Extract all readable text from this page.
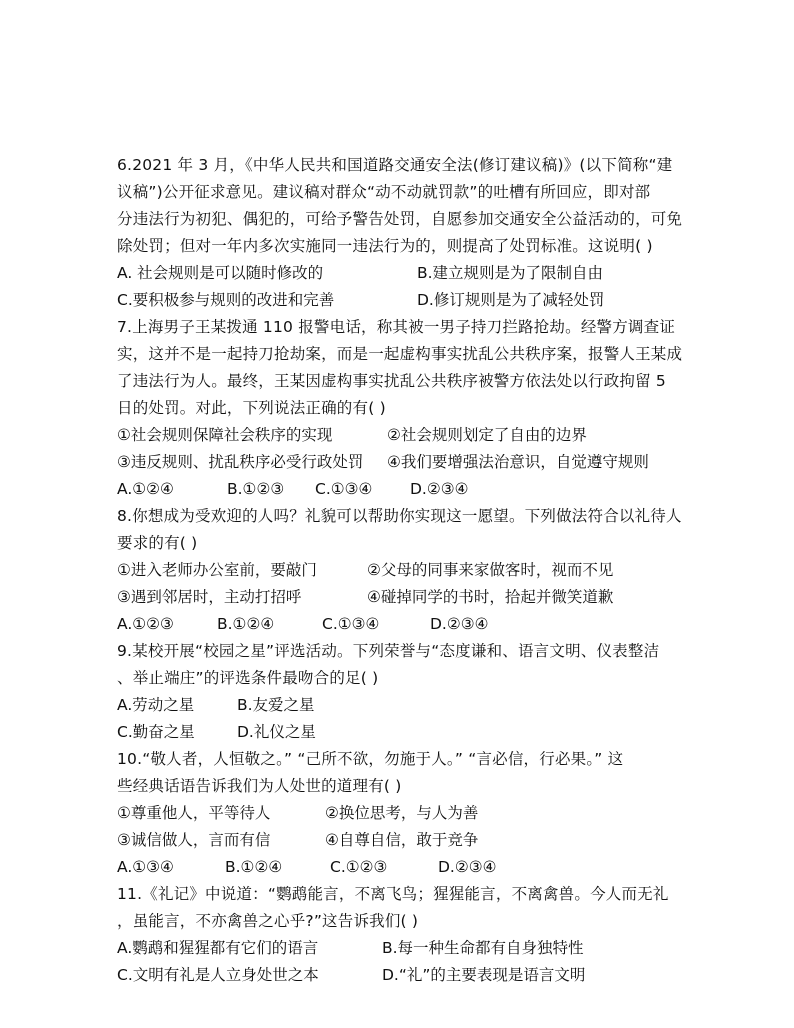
6.2021 年 3 月，《中华人民共和国道路交通安全法(修订建议稿)》(以下简称“建
议稿”)公开征求意见。建议稿对群众“动不动就罚款”的吐槽有所回应，即对部
分违法行为初犯、偶犯的，可给予警告处罚，自愿参加交通安全公益活动的，可免
除处罚；但对一年内多次实施同一违法行为的，则提高了处罚标准。这说明( )
A. 社会规则是可以随时修改的	B.建立规则是为了限制自由
C.要积极参与规则的改进和完善	D.修订规则是为了减轻处罚
7.上海男子王某拨通 110 报警电话，称其被一男子持刀拦路抢劫。经警方调查证
实，这并不是一起持刀抢劫案，而是一起虚构事实扰乱公共秩序案，报警人王某成
了违法行为人。最终，王某因虚构事实扰乱公共秩序被警方依法处以行政拘留 5
日的处罚。对此，下列说法正确的有( )
①社会规则保障社会秩序的实现	②社会规则划定了自由的边界
③违反规则、扰乱秩序必受行政处罚	④我们要增强法治意识，自觉遵守规则
A.①②④	B.①②③	C.①③④	D.②③④
8.你想成为受欢迎的人吗？礼貌可以帮助你实现这一愿望。下列做法符合以礼待人
要求的有( )
①进入老师办公室前，要敲门	②父母的同事来家做客时，视而不见
③遇到邻居时，主动打招呼	④碰掉同学的书时，拾起并微笑道歉
A.①②③	B.①②④	C.①③④	D.②③④
9.某校开展“校园之星”评选活动。下列荣誉与“态度谦和、语言文明、仪表整洁
、举止端庄”的评选条件最吻合的足( )
A.劳动之星	B.友爱之星
C.勤奋之星	D.礼仪之星
10.“敬人者，人恒敬之。” “己所不欲，勿施于人。” “言必信，行必果。” 这
些经典话语告诉我们为人处世的道理有( )
①尊重他人，平等待人	②换位思考，与人为善
③诚信做人，言而有信	④自尊自信，敢于竞争
A.①③④	B.①②④	C.①②③	D.②③④
11.《礼记》中说道：“鹦鹉能言，不离飞鸟；猩猩能言，不离禽兽。今人而无礼
，虽能言，不亦禽兽之心乎?”这告诉我们( )
A.鹦鹉和猩猩都有它们的语言	B.每一种生命都有自身独特性
C.文明有礼是人立身处世之本	D.“礼”的主要表现是语言文明
